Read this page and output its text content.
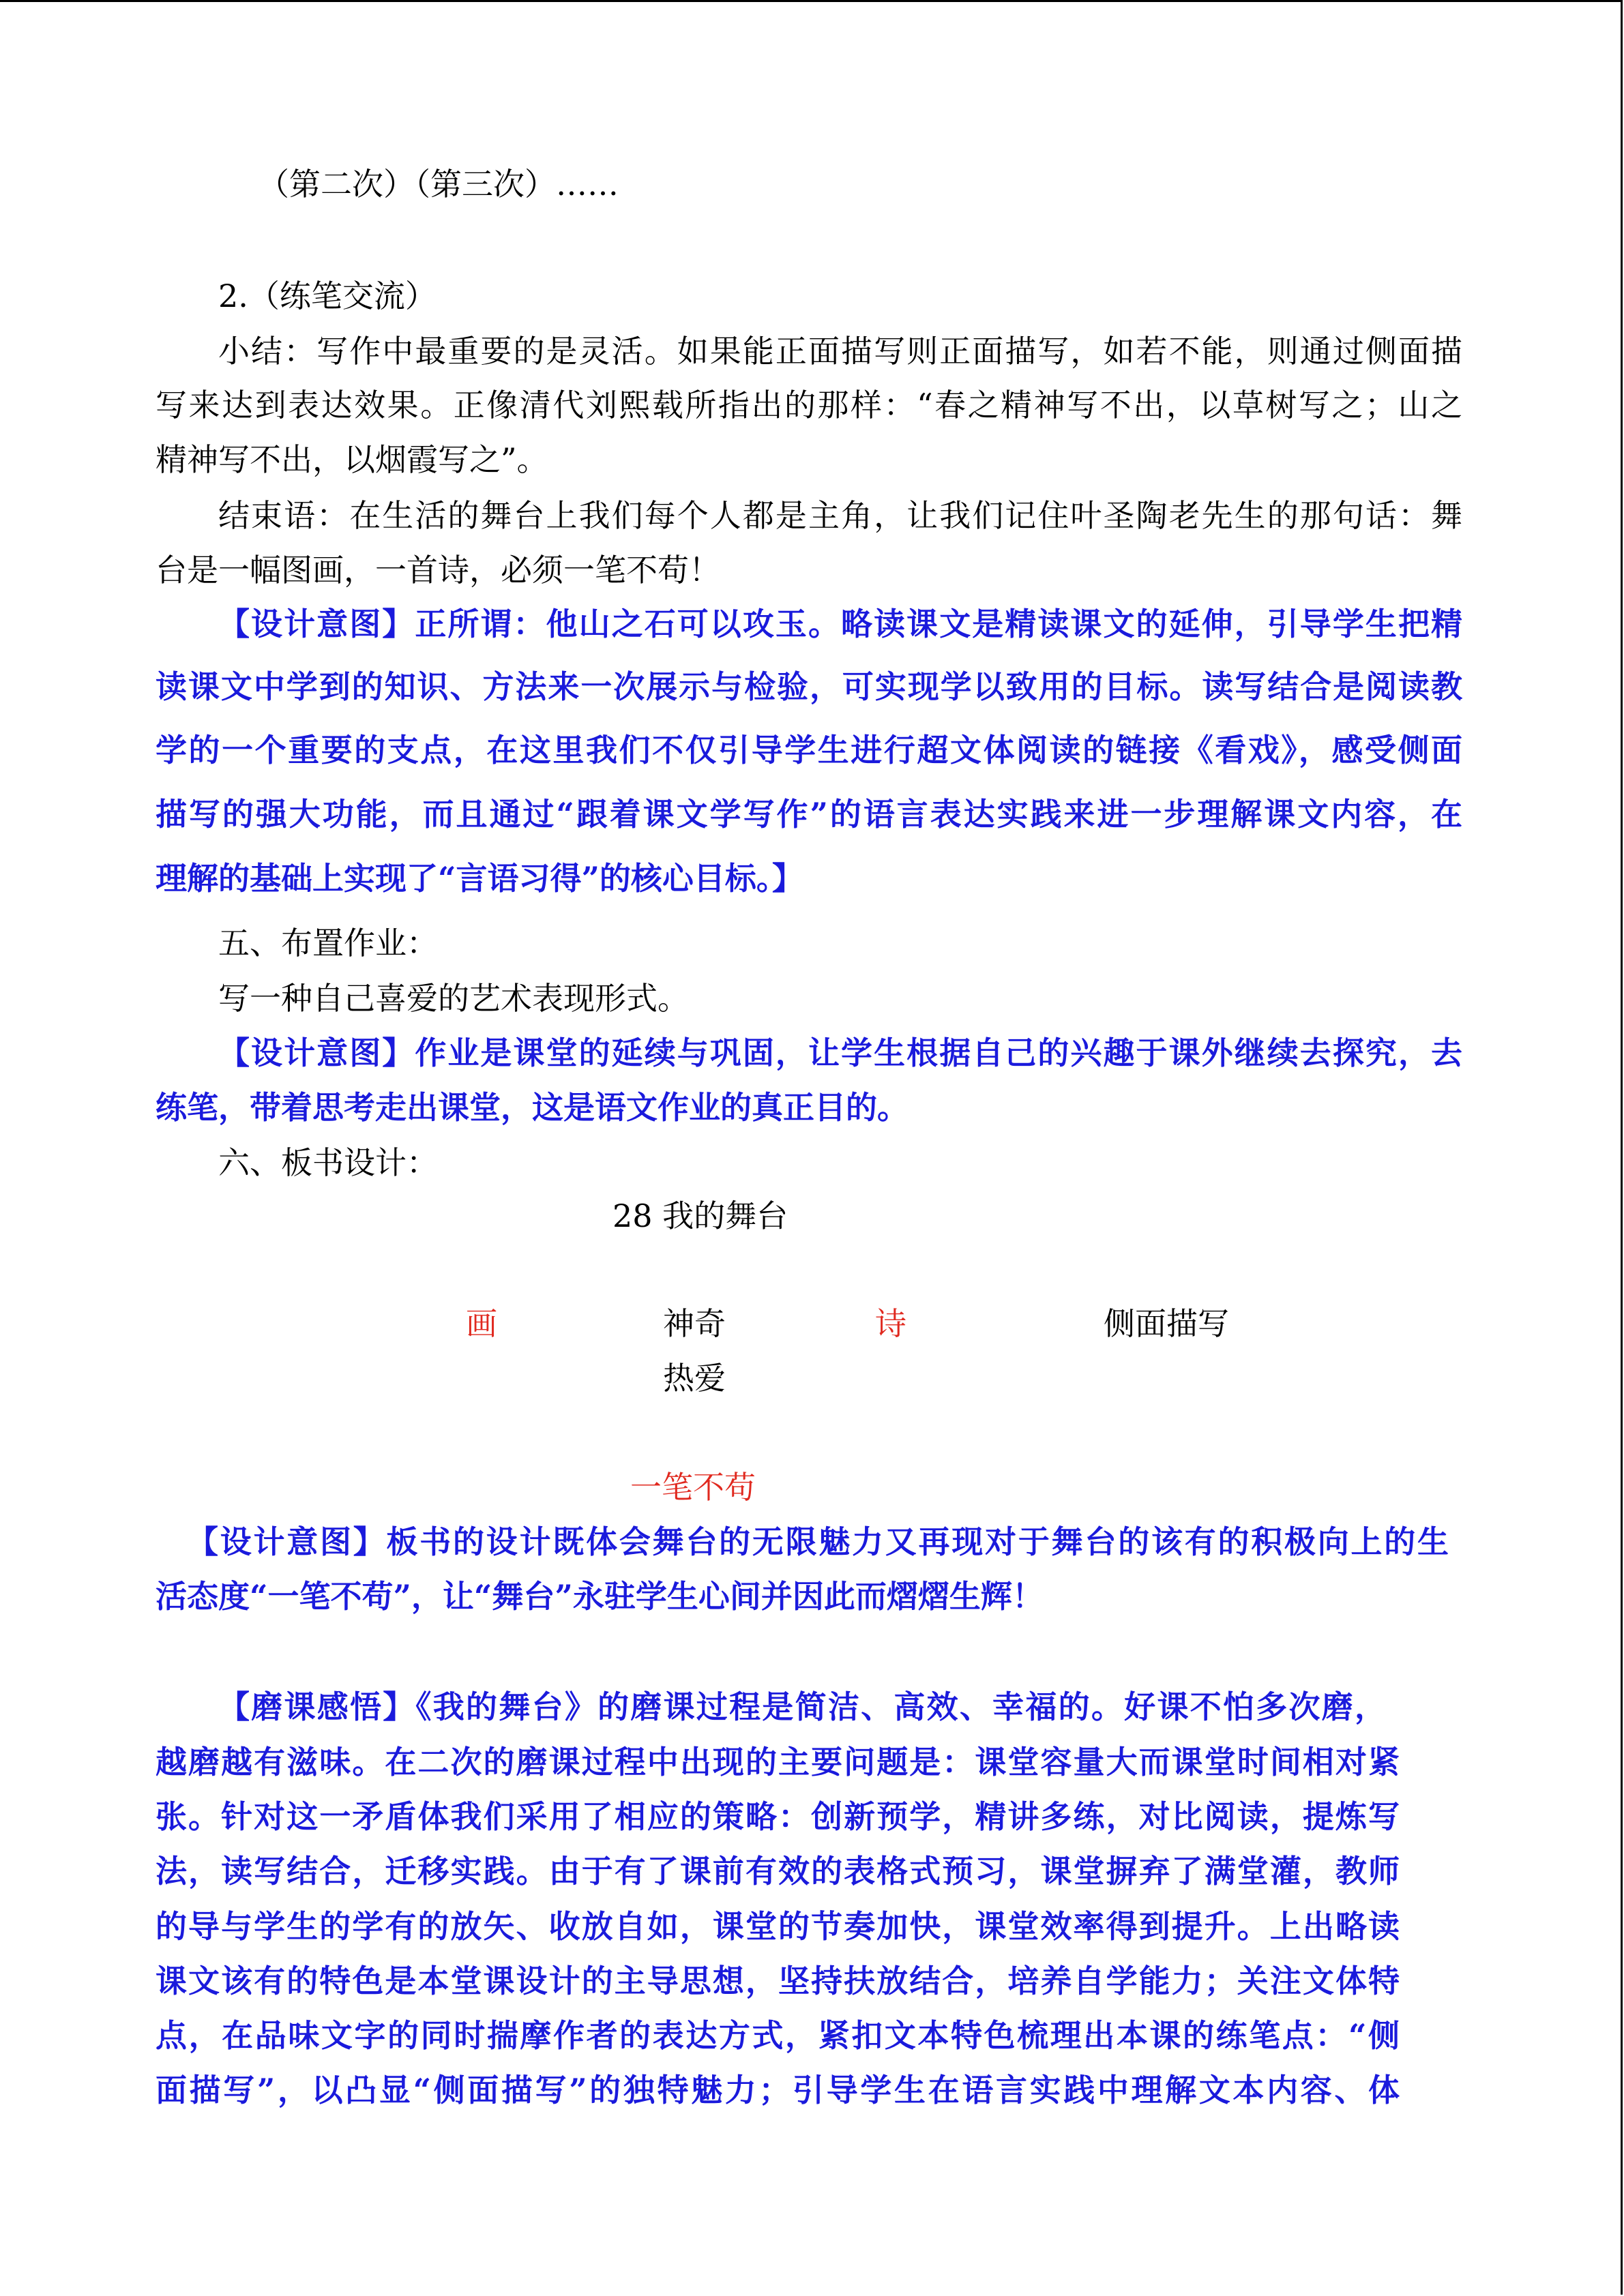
（第二次）（第三次）……
2.（练笔交流）
小结：写作中最重要的是灵活。如果能正面描写则正面描写，如若不能，则通过侧面描
写来达到表达效果。正像清代刘熙载所指出的那样：“春之精神写不出，以草树写之；山之
精神写不出，以烟霞写之”。
结束语：在生活的舞台上我们每个人都是主角，让我们记住叶圣陶老先生的那句话：舞
台是一幅图画，一首诗，必须一笔不苟！
【设计意图】正所谓：他山之石可以攻玉。略读课文是精读课文的延伸，引导学生把精
读课文中学到的知识、方法来一次展示与检验，可实现学以致用的目标。读写结合是阅读教
学的一个重要的支点，在这里我们不仅引导学生进行超文体阅读的链接《看戏》，感受侧面
描写的强大功能，而且通过“跟着课文学写作”的语言表达实践来进一步理解课文内容，在
理解的基础上实现了“言语习得”的核心目标。】
五、布置作业：
写一种自己喜爱的艺术表现形式。
【设计意图】作业是课堂的延续与巩固，让学生根据自己的兴趣于课外继续去探究，去
练笔，带着思考走出课堂，这是语文作业的真正目的。
六、板书设计：
28 我的舞台
画	神奇	诗	侧面描写
热爱
一笔不苟
【设计意图】板书的设计既体会舞台的无限魅力又再现对于舞台的该有的积极向上的生
活态度“一笔不苟”，让“舞台”永驻学生心间并因此而熠熠生辉！
【磨课感悟】《我的舞台》的磨课过程是简洁、高效、幸福的。好课不怕多次磨，
越磨越有滋味。在二次的磨课过程中出现的主要问题是：课堂容量大而课堂时间相对紧
张。针对这一矛盾体我们采用了相应的策略：创新预学，精讲多练，对比阅读，提炼写
法，读写结合，迁移实践。由于有了课前有效的表格式预习，课堂摒弃了满堂灌，教师
的导与学生的学有的放矢、收放自如，课堂的节奏加快，课堂效率得到提升。上出略读
课文该有的特色是本堂课设计的主导思想，坚持扶放结合，培养自学能力；关注文体特
点，在品味文字的同时揣摩作者的表达方式，紧扣文本特色梳理出本课的练笔点：“侧
面描写”，以凸显“侧面描写”的独特魅力；引导学生在语言实践中理解文本内容、体
